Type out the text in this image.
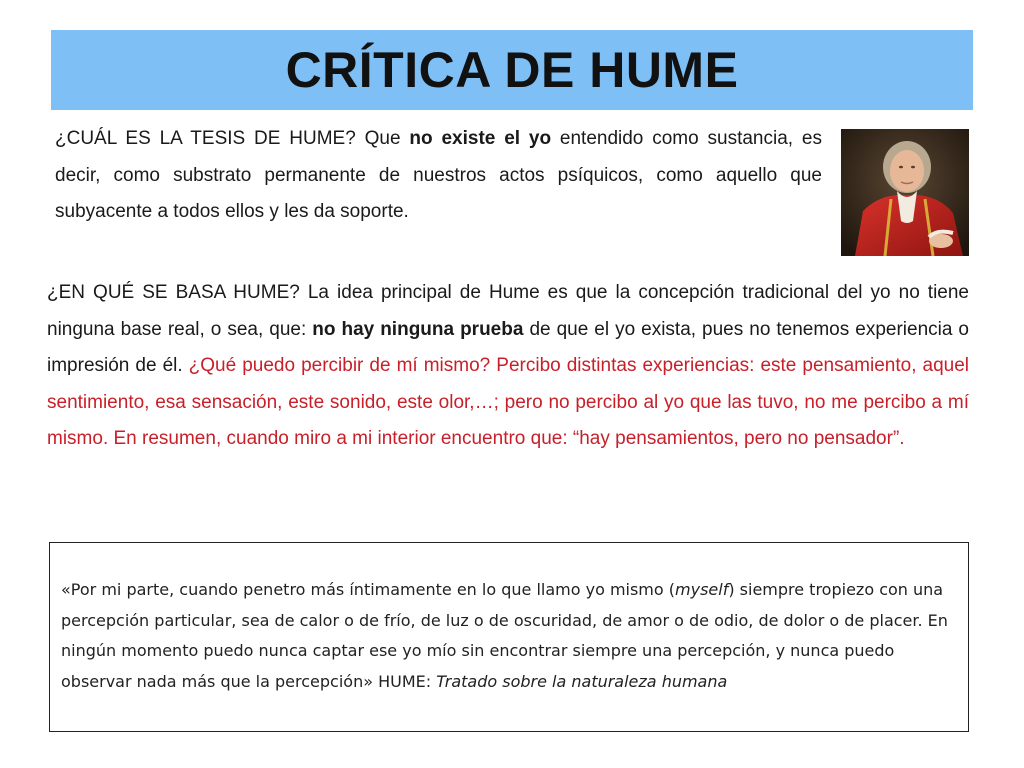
CRÍTICA DE HUME

¿CUÁL ES LA TESIS DE HUME? Que no existe el yo entendido como sustancia, es decir, como substrato permanente de nuestros actos psíquicos, como aquello que subyacente a todos ellos y les da soporte.

¿EN QUÉ SE BASA HUME? La idea principal de Hume es que la concepción tradicional del yo no tiene ninguna base real, o sea, que: no hay ninguna prueba de que el yo exista, pues no tenemos experiencia o impresión de él. ¿Qué puedo percibir de mí mismo? Percibo distintas experiencias: este pensamiento, aquel sentimiento, esa sensación, este sonido, este olor,…; pero no percibo al yo que las tuvo, no me percibo a mí mismo. En resumen, cuando miro a mi interior encuentro que: “hay pensamientos, pero no pensador”.

«Por mi parte, cuando penetro más íntimamente en lo que llamo yo mismo (myself) siempre tropiezo con una percepción particular, sea de calor o de frío, de luz o de oscuridad, de amor o de odio, de dolor o de placer. En ningún momento puedo nunca captar ese yo mío sin encontrar siempre una percepción, y nunca puedo observar nada más que la percepción» HUME: Tratado sobre la naturaleza humana
